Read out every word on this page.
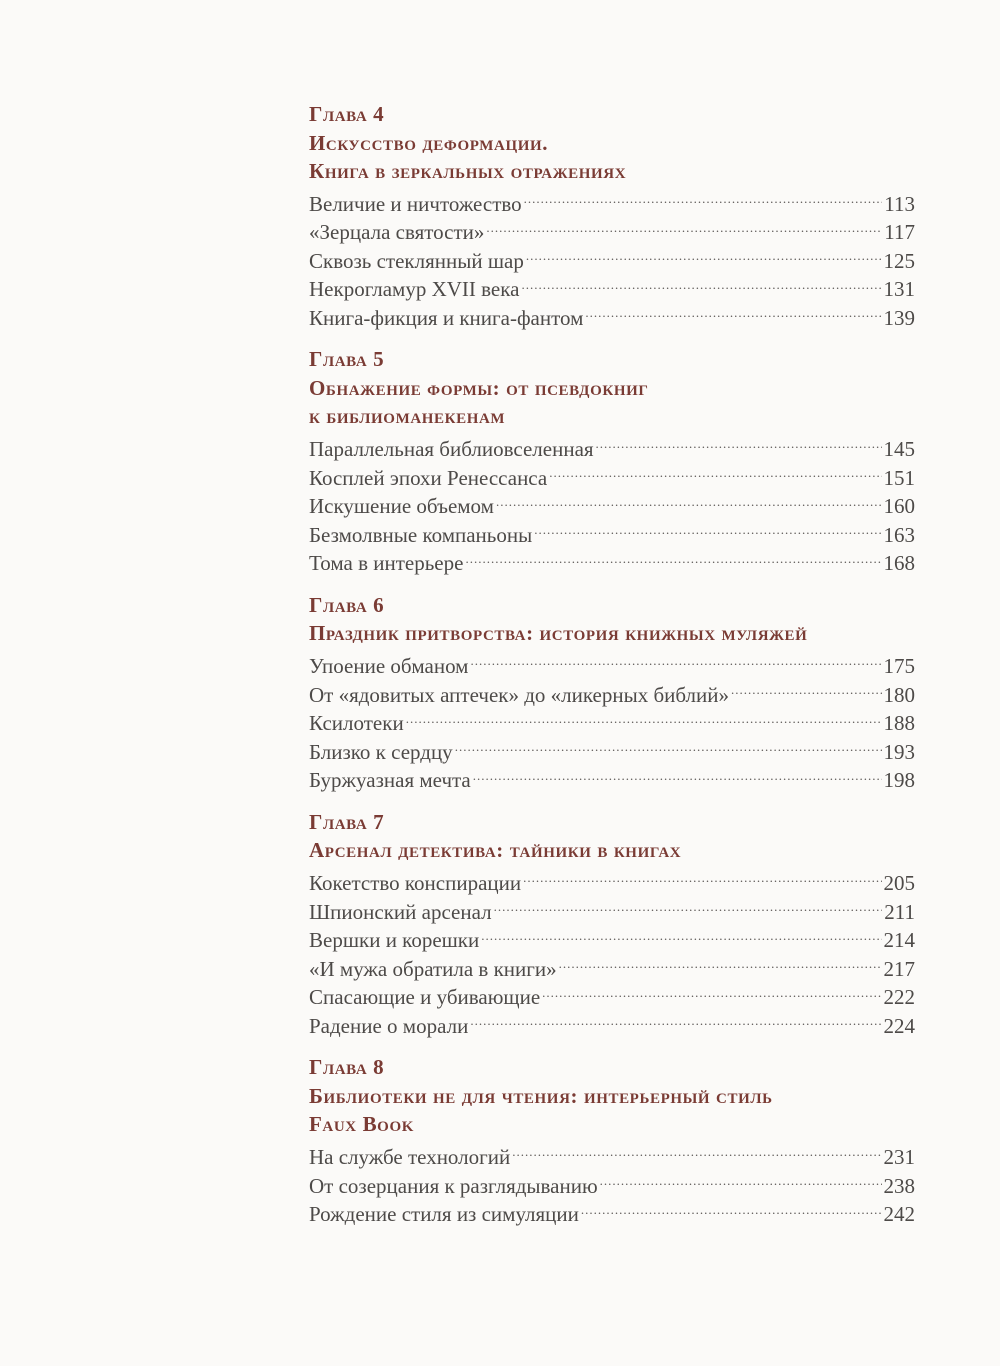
Глава 4
Искусство деформации.
Книга в зеркальных отражениях
Величие и ничтожество .....	113
«Зерцала святости» .....	117
Сквозь стеклянный шар .....	125
Некрогламур XVII века .....	131
Книга-фикция и книга-фантом .....	139
Глава 5
Обнажение формы: от псевдокниг
к библиоманекенам
Параллельная библиовселенная .....	145
Косплей эпохи Ренессанса .....	151
Искушение объемом .....	160
Безмолвные компаньоны .....	163
Тома в интерьере .....	168
Глава 6
Праздник притворства: история книжных муляжей
Упоение обманом .....	175
От «ядовитых аптечек» до «ликерных библий» .....	180
Ксилотеки .....	188
Близко к сердцу .....	193
Буржуазная мечта .....	198
Глава 7
Арсенал детектива: тайники в книгах
Кокетство конспирации .....	205
Шпионский арсенал .....	211
Вершки и корешки .....	214
«И мужа обратила в книги» .....	217
Спасающие и убивающие .....	222
Радение о морали .....	224
Глава 8
Библиотеки не для чтения: интерьерный стиль
Faux Book
На службе технологий .....	231
От созерцания к разглядыванию .....	238
Рождение стиля из симуляции .....	242
